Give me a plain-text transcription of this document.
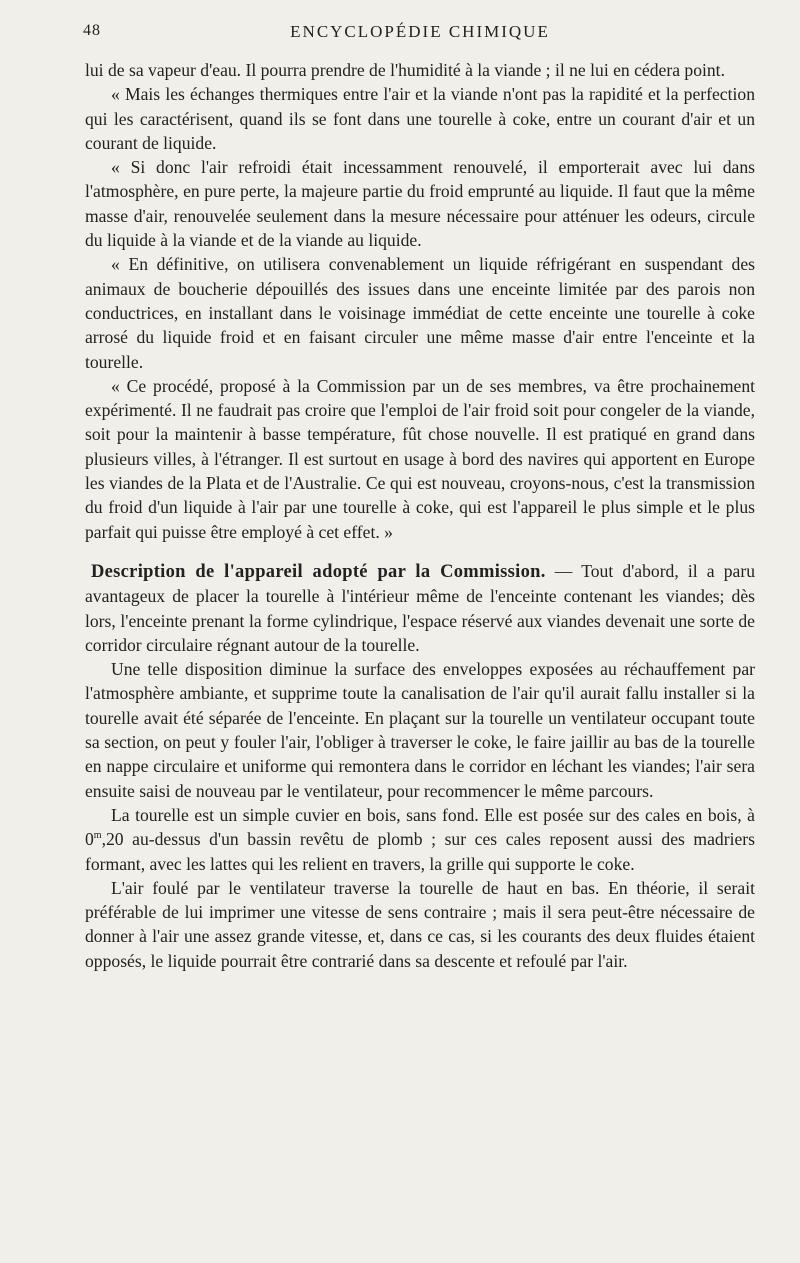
48	ENCYCLOPÉDIE CHIMIQUE

lui de sa vapeur d'eau. Il pourra prendre de l'humidité à la viande ; il ne lui en cédera point.

« Mais les échanges thermiques entre l'air et la viande n'ont pas la rapidité et la perfection qui les caractérisent, quand ils se font dans une tourelle à coke, entre un courant d'air et un courant de liquide.

« Si donc l'air refroidi était incessamment renouvelé, il emporterait avec lui dans l'atmosphère, en pure perte, la majeure partie du froid emprunté au liquide. Il faut que la même masse d'air, renouvelée seulement dans la mesure nécessaire pour atténuer les odeurs, circule du liquide à la viande et de la viande au liquide.

« En définitive, on utilisera convenablement un liquide réfrigérant en suspendant des animaux de boucherie dépouillés des issues dans une enceinte limitée par des parois non conductrices, en installant dans le voisinage immédiat de cette enceinte une tourelle à coke arrosé du liquide froid et en faisant circuler une même masse d'air entre l'enceinte et la tourelle.

« Ce procédé, proposé à la Commission par un de ses membres, va être prochainement expérimenté. Il ne faudrait pas croire que l'emploi de l'air froid soit pour congeler de la viande, soit pour la maintenir à basse température, fût chose nouvelle. Il est pratiqué en grand dans plusieurs villes, à l'étranger. Il est surtout en usage à bord des navires qui apportent en Europe les viandes de la Plata et de l'Australie. Ce qui est nouveau, croyons-nous, c'est la transmission du froid d'un liquide à l'air par une tourelle à coke, qui est l'appareil le plus simple et le plus parfait qui puisse être employé à cet effet. »

Description de l'appareil adopté par la Commission. — Tout d'abord, il a paru avantageux de placer la tourelle à l'intérieur même de l'enceinte contenant les viandes; dès lors, l'enceinte prenant la forme cylindrique, l'espace réservé aux viandes devenait une sorte de corridor circulaire régnant autour de la tourelle.

Une telle disposition diminue la surface des enveloppes exposées au réchauffement par l'atmosphère ambiante, et supprime toute la canalisation de l'air qu'il aurait fallu installer si la tourelle avait été séparée de l'enceinte. En plaçant sur la tourelle un ventilateur occupant toute sa section, on peut y fouler l'air, l'obliger à traverser le coke, le faire jaillir au bas de la tourelle en nappe circulaire et uniforme qui remontera dans le corridor en léchant les viandes; l'air sera ensuite saisi de nouveau par le ventilateur, pour recommencer le même parcours.

La tourelle est un simple cuvier en bois, sans fond. Elle est posée sur des cales en bois, à 0$^m$,20 au-dessus d'un bassin revêtu de plomb ; sur ces cales reposent aussi des madriers formant, avec les lattes qui les relient en travers, la grille qui supporte le coke.

L'air foulé par le ventilateur traverse la tourelle de haut en bas. En théorie, il serait préférable de lui imprimer une vitesse de sens contraire ; mais il sera peut-être nécessaire de donner à l'air une assez grande vitesse, et, dans ce cas, si les courants des deux fluides étaient opposés, le liquide pourrait être contrarié dans sa descente et refoulé par l'air.
